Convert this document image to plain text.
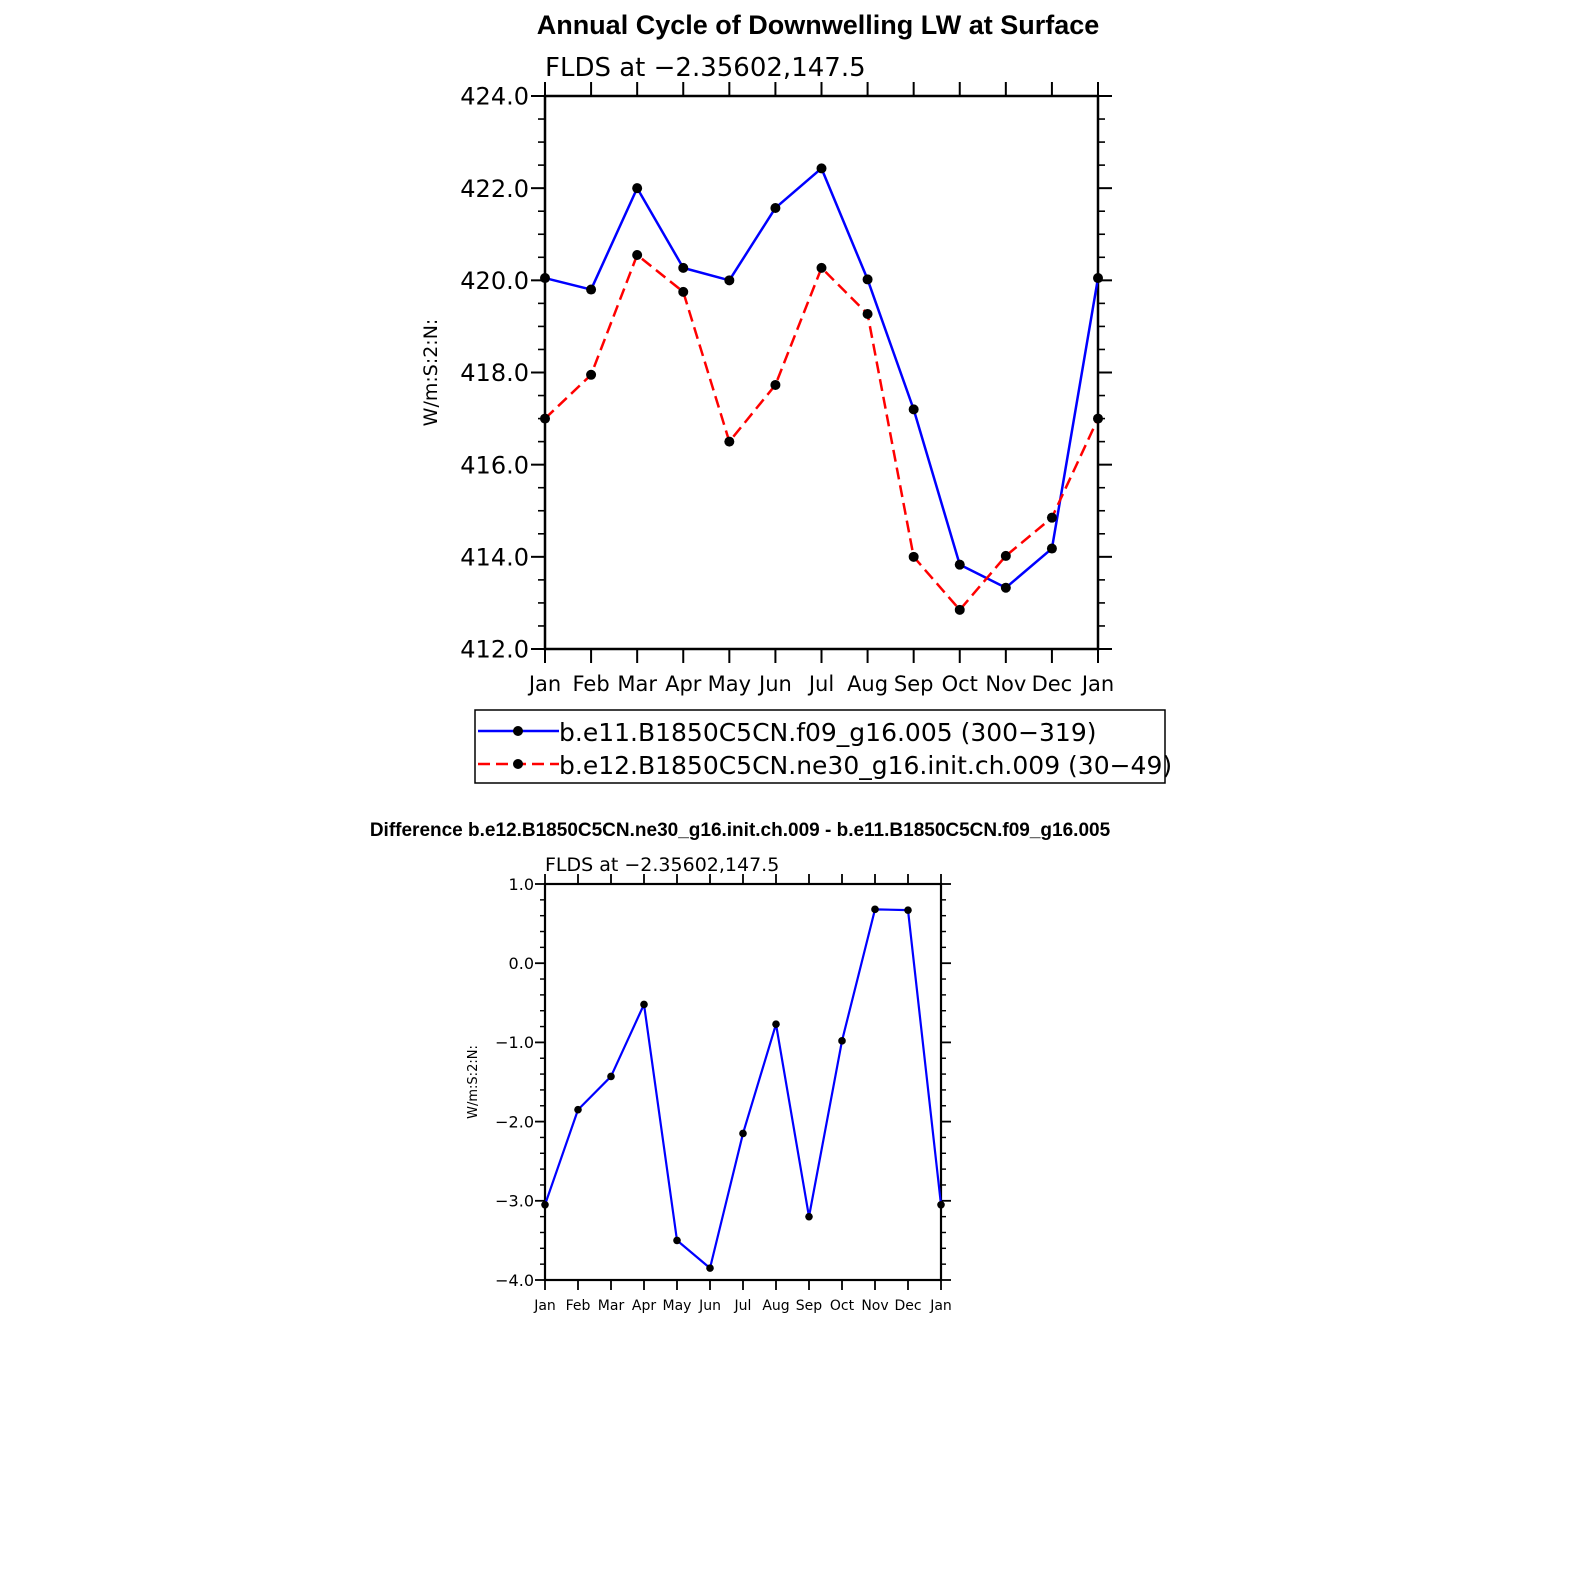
Annual Cycle of Downwelling LW at Surface
Jan Feb Mar Apr May Jun Jul Aug Sep Oct Nov Dec Jan
412.0
414.0
416.0
418.0
420.0
422.0
424.0
W/m:S:2:N:
FLDS at −2.35602,147.5
b.e11.B1850C5CN.f09_g16.005 (300−319)
b.e12.B1850C5CN.ne30_g16.init.ch.009 (30−49)
Difference b.e12.B1850C5CN.ne30_g16.init.ch.009 - b.e11.B1850C5CN.f09_g16.005
Jan Feb Mar Apr May Jun Jul Aug Sep Oct Nov Dec Jan
−4.0
−3.0
−2.0
−1.0
0.0
1.0
W/m:S:2:N:
FLDS at −2.35602,147.5
